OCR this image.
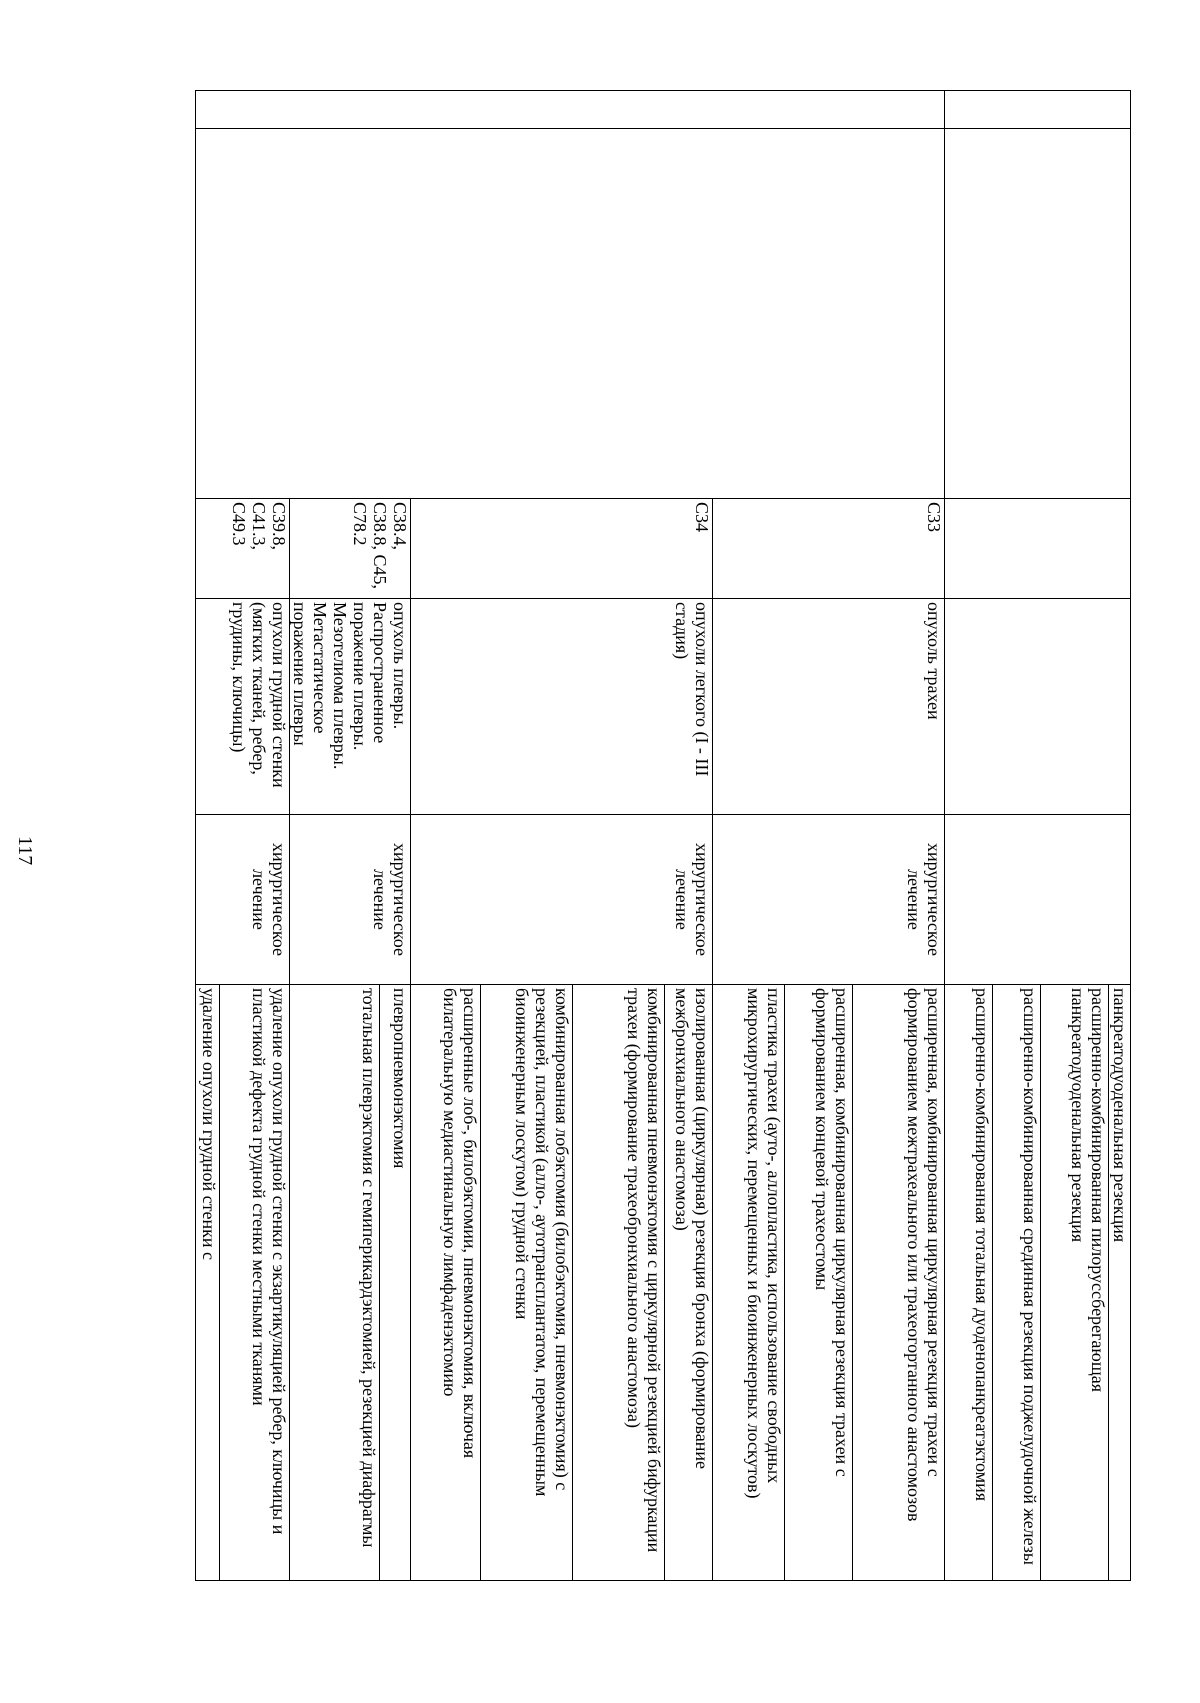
117
					панкреатодуоденальная резекция
					расширенно-комбинированная пилоруссберегающая панкреатодуоденальная резекция
					расширенно-комбинированная срединная резекция поджелудочной железы
					расширенно-комбинированная тотальная дуоденопанкреатэктомия
		C33	опухоль трахеи	хирургическое лечение	расширенная, комбинированная циркулярная резекция трахеи с формированием межтрахеального или трахеогортанного анастомозов
					расширенная, комбинированная циркулярная резекция трахеи с формированием концевой трахеостомы
					пластика трахеи (ауто-, аллопластика, использование свободных микрохирургических, перемещенных и биоинженерных лоскутов)
		C34	опухоли легкого (I - III стадия)	хирургическое лечение	изолированная (циркулярная) резекция бронха (формирование межбронхиального анастомоза)
					комбинированная пневмонэктомия с циркулярной резекцией бифуркации трахеи (формирование трахеобронхиального анастомоза)
					комбинированная лобэктомия (билобэктомия, пневмонэктомия) с резекцией, пластикой (алло-, аутотрансплантатом, перемещенным биоинженерным лоскутом) грудной стенки
					расширенные лоб-, билобэктомии, пневмонэктомия, включая билатеральную медиастинальную лимфаденэктомию
		C38.4, C38.8, C45, C78.2	опухоль плевры. Распространенное поражение плевры. Мезотелиома плевры. Метастатическое поражение плевры	хирургическое лечение	плевропневмонэктомия
					тотальная плеврэктомия с гемиперикардэктомией, резекцией диафрагмы
		C39.8, C41.3, C49.3	опухоли грудной стенки (мягких тканей, ребер, грудины, ключицы)	хирургическое лечение	удаление опухоли грудной стенки с экзартикуляцией ребер, ключицы и пластикой дефекта грудной стенки местными тканями
					удаление опухоли грудной стенки с
